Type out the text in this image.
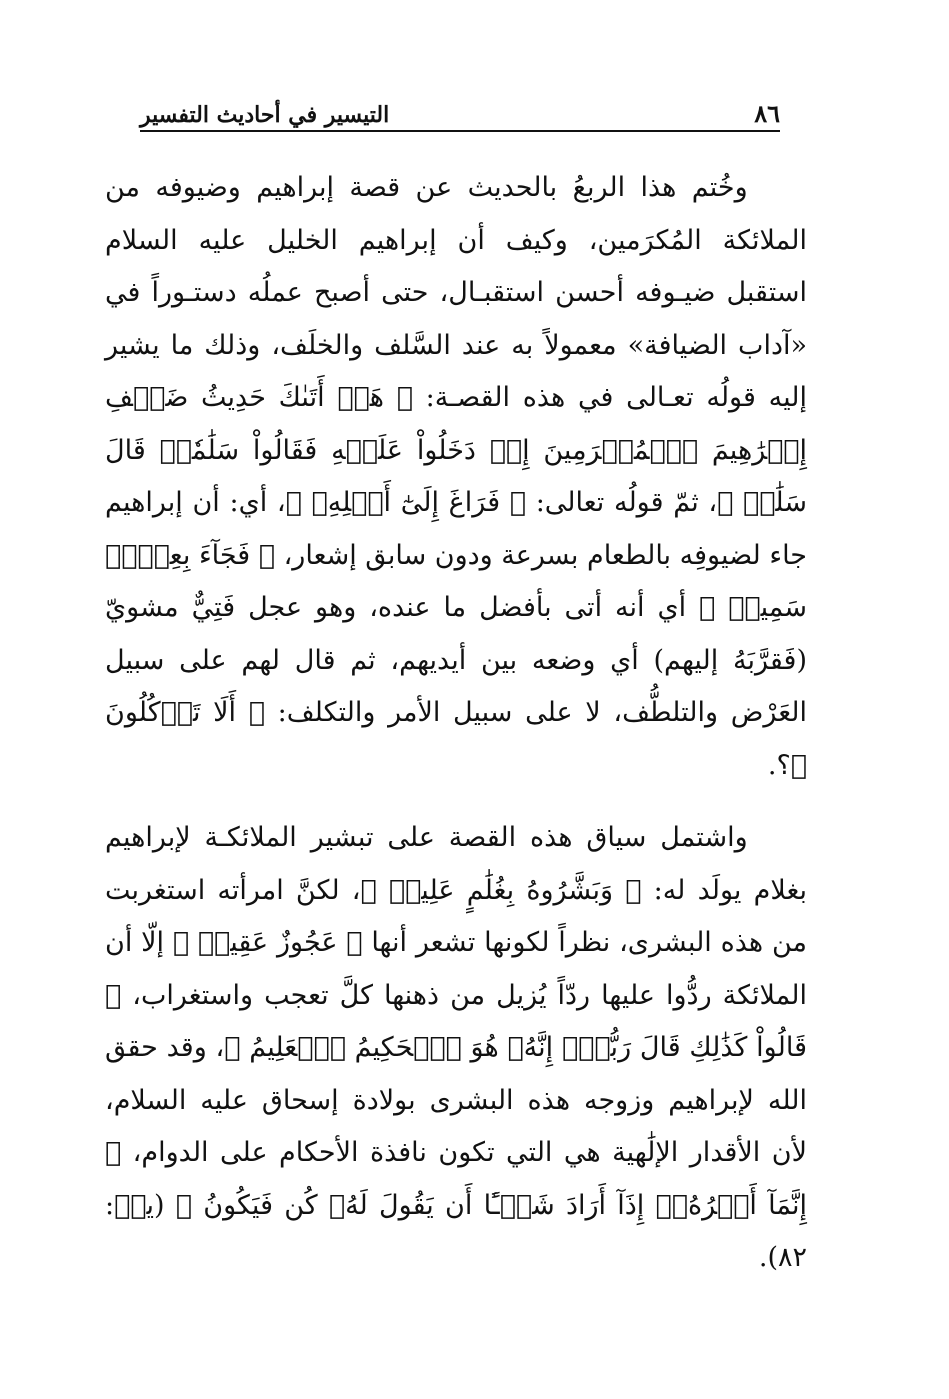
٨٦
التيسير في أحاديث التفسير

وخُتم هذا الربعُ بالحديث عن قصة إبراهيم وضيوفه من الملائكة المُكرَمين، وكيف أن إبراهيم الخليل عليه السلام استقبل ضيـوفه أحسن استقبـال، حتى أصبح عملُه دستـوراً في «آداب الضيافة» معمولاً به عند السَّلف والخلَف، وذلك ما يشير إليه قولُه تعـالى في هذه القصـة: ﴿ هَلۡ أَتَىٰكَ حَدِيثُ ضَيۡفِ إِبۡرَٰهِيمَ ٱلۡمُكۡرَمِينَ إِذۡ دَخَلُواْ عَلَيۡهِ فَقَالُواْ سَلَٰمٗاۖ قَالَ سَلَٰمٞ ﴾، ثمّ قولُه تعالى: ﴿ فَرَاغَ إِلَىٰٓ أَهۡلِهِۦ ﴾، أي: أن إبراهيم جاء لضيوفِه بالطعام بسرعة ودون سابق إشعار، ﴿ فَجَآءَ بِعِجۡلٖ سَمِينٖ ﴾ أي أنه أتى بأفضل ما عنده، وهو عجل فَتِيٌّ مشويّ (فَقرَّبَهُ إليهم) أي وضعه بين أيديهم، ثم قال لهم على سبيل العَرْض والتلطُّف، لا على سبيل الأمر والتكلف: ﴿ أَلَا تَأۡكُلُونَ ﴾؟.

واشتمل سياق هذه القصة على تبشير الملائكـة لإبراهيم بغلام يولَد له: ﴿ وَبَشَّرُوهُ بِغُلَٰمٍ عَلِيمٖ ﴾، لكنَّ امرأته استغربت من هذه البشرى، نظراً لكونها تشعر أنها ﴿ عَجُوزٌ عَقِيمٞ ﴾ إلّا أن الملائكة ردُّوا عليها ردّاً يُزيل من ذهنها كلَّ تعجب واستغراب، ﴿ قَالُواْ كَذَٰلِكِ قَالَ رَبُّكِۖ إِنَّهُۥ هُوَ ٱلۡحَكِيمُ ٱلۡعَلِيمُ ﴾، وقد حقق الله لإبراهيم وزوجه هذه البشرى بولادة إسحاق عليه السلام، لأن الأقدار الإلَٰهية هي التي تكون نافذة الأحكام على الدوام، ﴿ إِنَّمَآ أَمۡرُهُۥٓ إِذَآ أَرَادَ شَيۡـًٔا أَن يَقُولَ لَهُۥ كُن فَيَكُونُ ﴾ (يسۤ: ٨٢).
